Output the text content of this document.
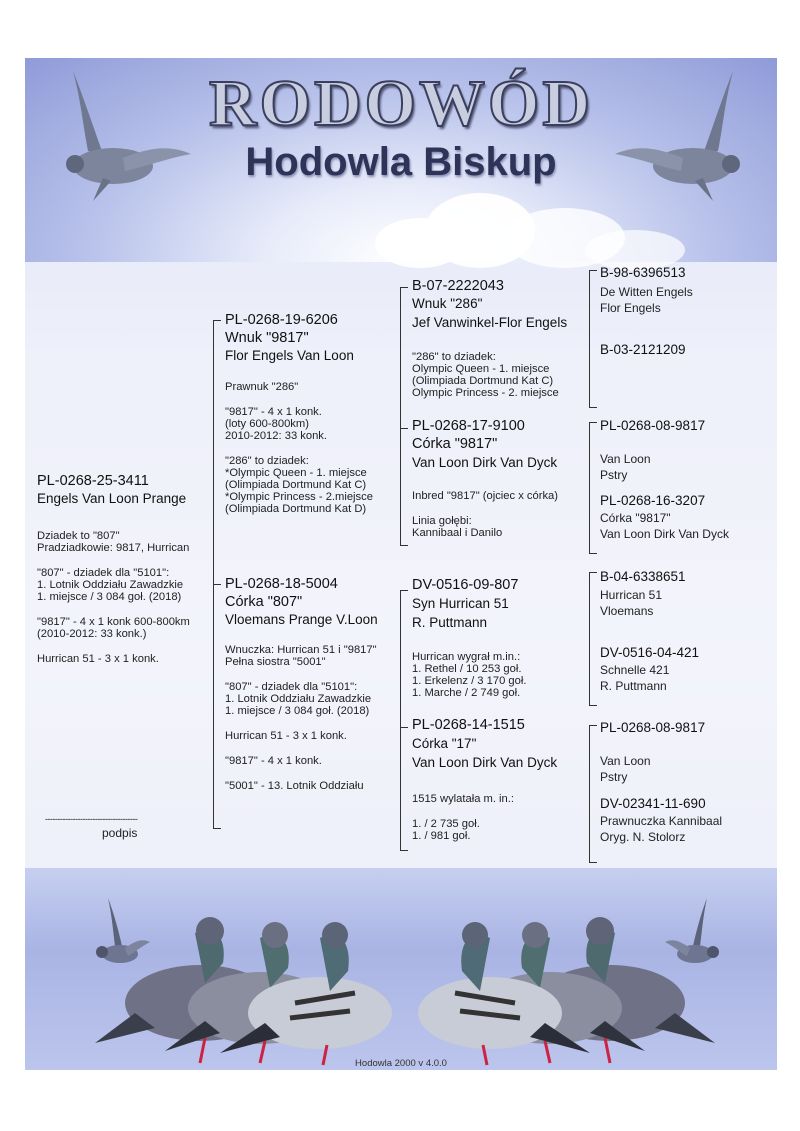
RODOWÓD
Hodowla Biskup
PL-0268-25-3411
Engels Van Loon Prange
Dziadek to "807"
Pradziadkowie: 9817, Hurrican
"807" - dziadek dla "5101":
1. Lotnik Oddziału Zawadzkie
1. miejsce / 3 084 goł. (2018)
"9817" - 4 x 1 konk 600-800km
(2010-2012: 33 konk.)
Hurrican 51 - 3 x 1 konk.
-------------------------------------
podpis
PL-0268-19-6206
Wnuk "9817"
Flor Engels Van Loon
Prawnuk "286"
"9817" - 4 x 1 konk.
(loty 600-800km)
2010-2012: 33 konk.
"286" to dziadek:
*Olympic Queen - 1. miejsce
(Olimpiada Dortmund Kat C)
*Olympic Princess - 2.miejsce
(Olimpiada Dortmund Kat D)
PL-0268-18-5004
Córka "807"
Vloemans Prange V.Loon
Wnuczka: Hurrican 51 i "9817"
Pełna siostra "5001"
"807" - dziadek dla "5101":
1. Lotnik Oddziału Zawadzkie
1. miejsce / 3 084 goł. (2018)
Hurrican 51 - 3 x 1 konk.
"9817" - 4 x 1 konk.
"5001" - 13. Lotnik Oddziału
B-07-2222043
Wnuk "286"
Jef Vanwinkel-Flor Engels
"286" to dziadek:
Olympic Queen - 1. miejsce
(Olimpiada Dortmund Kat C)
Olympic Princess - 2. miejsce
PL-0268-17-9100
Córka "9817"
Van Loon Dirk Van Dyck
Inbred "9817" (ojciec x córka)
Linia gołębi:
Kannibaal i Danilo
DV-0516-09-807
Syn Hurrican 51
R. Puttmann
Hurrican wygrał m.in.:
1. Rethel / 10 253 goł.
1. Erkelenz / 3 170 goł.
1. Marche / 2 749 goł.
PL-0268-14-1515
Córka "17"
Van Loon Dirk Van Dyck
1515 wylatała m. in.:
1. / 2 735 goł.
1. / 981 goł.
B-98-6396513
De Witten Engels
Flor Engels
B-03-2121209
PL-0268-08-9817
Van Loon
Pstry
PL-0268-16-3207
Córka "9817"
Van Loon Dirk Van Dyck
B-04-6338651
Hurrican 51
Vloemans
DV-0516-04-421
Schnelle 421
R. Puttmann
PL-0268-08-9817
Van Loon
Pstry
DV-02341-11-690
Prawnuczka Kannibaal
Oryg. N. Stolorz
Hodowla 2000 v 4.0.0
